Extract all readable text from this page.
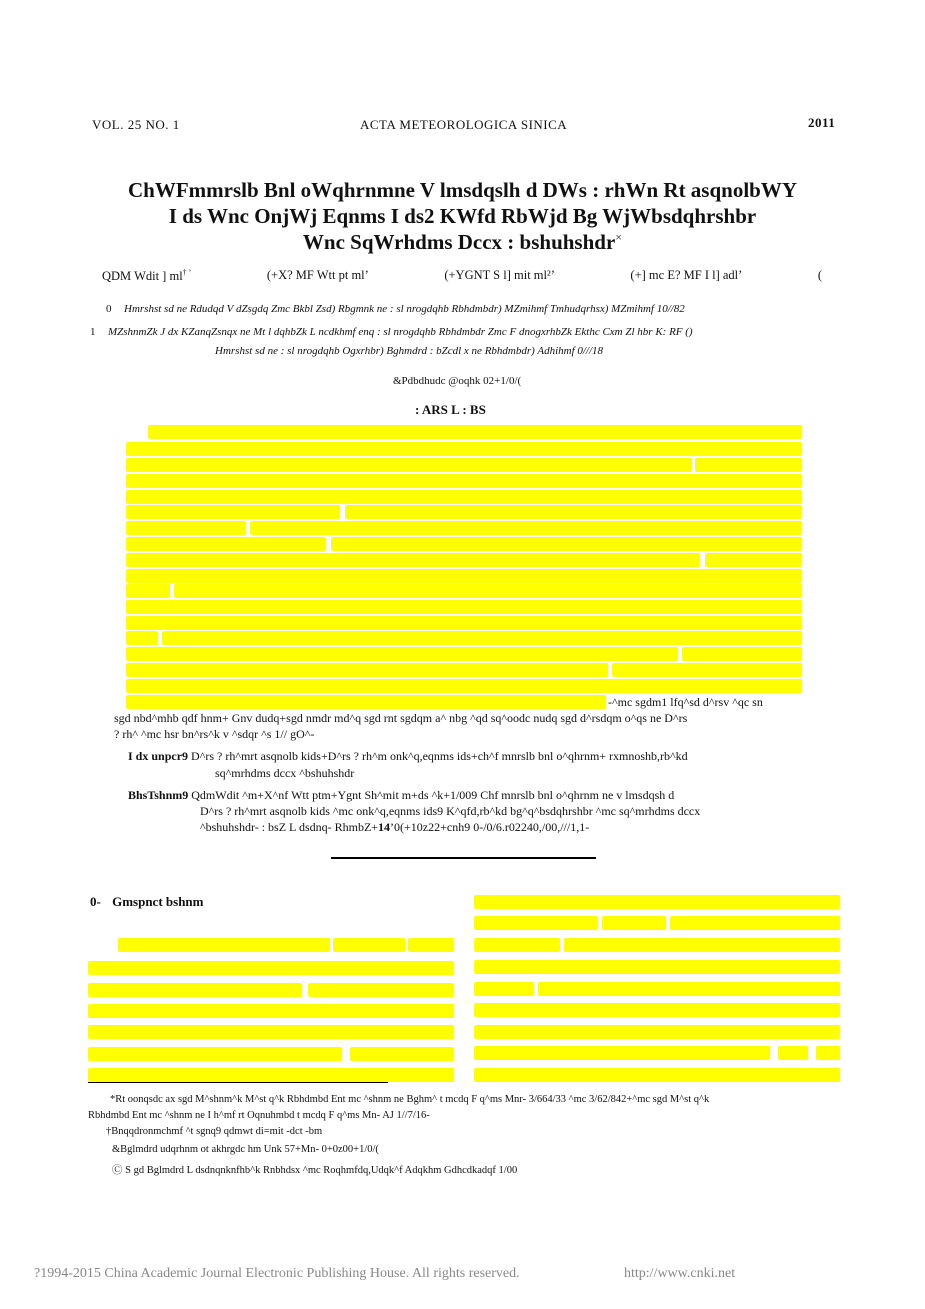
VOL. 25 NO. 1	ACTA METEOROLOGICA SINICA	2011
ChWFmmrslb Bnl oWqhrnmne V lmsdqslh d DWs : rhWn Rt asqnolbWY
I ds Wnc OnjWj Eqnms I ds2 KWfd RbWjd Bg WjWbsdqhrshbr
Wnc SqWrhdms Dccx : bshuhshdr×
QDM Wdit ] ml† ’	(+X? MF Wtt pt ml’	(+YGNT S l] mit ml²’	(+] mc E? MF I l] adl’	(
0 Hmrshst sd ne Rdudqd V dZsgdq Zmc Bkbl Zsd) Rbgmnk ne : sl nrogdqhb Rbhdmbdr) MZmihmf Tmhudqrhsx) MZmihmf 10//82
1 MZshnmZk J dx KZanqZsnqx ne Mt l dqhbZk L ncdkhmf enq : sl nrogdqhb Rbhdmbdr Zmc F dnogxrhbZk Ekthc Cxm Zl hbr K: RF ()
Hmrshst sd ne : sl nrogdqhb Ogxrhbr) Bghmdrd : bZcdl x ne Rbhdmbdr) Adhihmf 0///18
&Pdbdhudc @oqhk 02+1/0/(
: ARS L : BS
-^mc sgdm1 lfq^sd d^rsv ^qc sn
sgd nbd^mhb qdf hnm+ Gnv dudq+sgd nmdr md^q sgd rnt sgdqm a^ nbg ^qd sq^oodc nudq sgd d^rsdqm o^qs ne D^rs
? rh^ ^mc hsr bn^rs^k v ^sdqr ^s 1// gO^-
I dx unpcr9 D^rs ? rh^mrt asqnolb kids+D^rs ? rh^m onk^q,eqnms ids+ch^f mnrslb bnl o^qhrnm+ rxmnoshb,rb^kd
sq^mrhdms dccx ^bshuhshdr
BhsTshnm9 QdmWdit ^m+X^nf Wtt ptm+Ygnt Sh^mit m+ds ^k+1/009 Chf mnrslb bnl o^qhrnm ne v lmsdqsh d
D^rs ? rh^mrt asqnolb kids ^mc onk^q,eqnms ids9 K^qfd,rb^kd bg^q^bsdqhrshbr ^mc sq^mrhdms dccx
^bshuhshdr- : bsZ L dsdnq- RhmbZ+14’0(+10z22+cnh9 0-/0/6.r02240,/00,///1,1-
0- Gmspnct bshnm
*Rt oonqsdc ax sgd M^shnm^k M^st q^k Rbhdmbd Ent mc ^shnm ne Bghm^ t mcdq F q^ms Mnr- 3/664/33 ^mc 3/62/842+^mc sgd M^st q^k
Rbhdmbd Ent mc ^shnm ne I h^mf rt Oqnuhmbd t mcdq F q^ms Mn- AJ 1//7/16-
†Bnqqdronmchmf ^t sgnq9 qdmwt di=mit -dct -bm
&Bglmdrd udqrhnm ot akhrgdc hm Unk 57+Mn- 0+0z00+1/0/(
Ⓒ S gd Bglmdrd L dsdnqnknfhb^k Rnbhdsx ^mc Roqhmfdq,Udqk^f Adqkhm Gdhcdkadqf 1/00
?1994-2015 China Academic Journal Electronic Publishing House. All rights reserved.	http://www.cnki.net
